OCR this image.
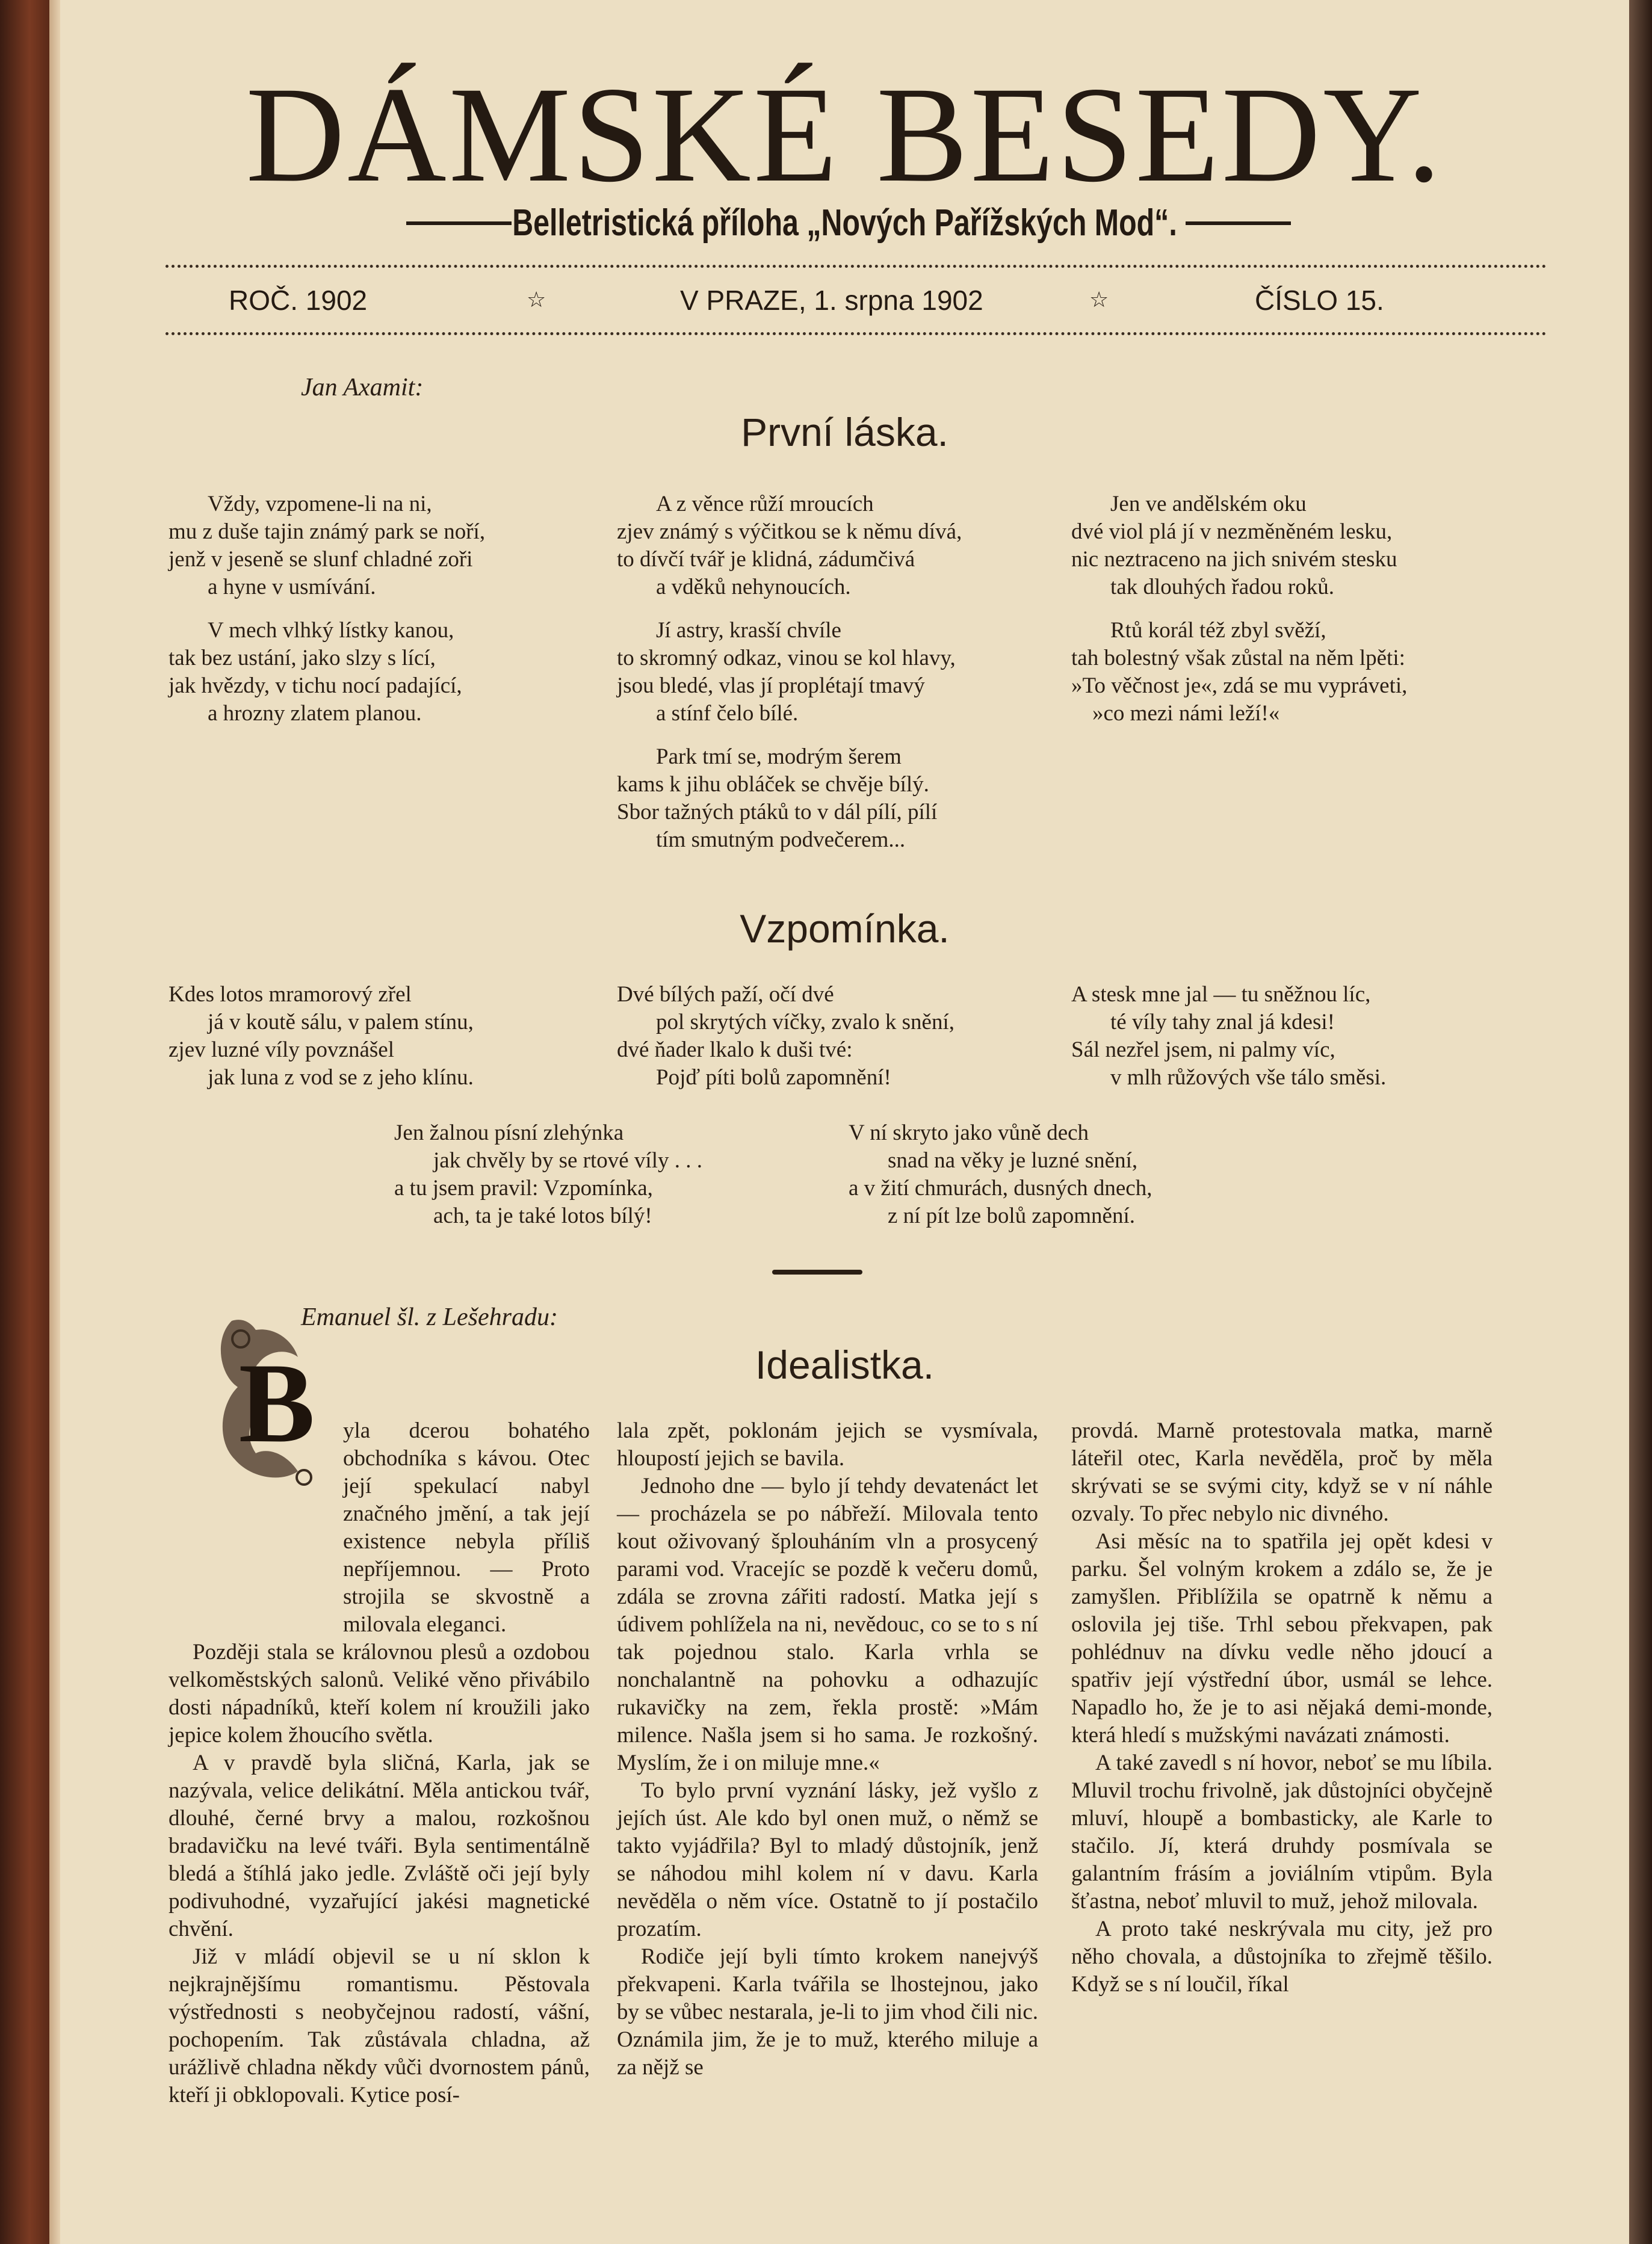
DÁMSKÉ BESEDY.
Belletristická příloha „Nových Pařížských Mod“.
ROČ. 1902	☆	V PRAZE, 1. srpna 1902	☆	ČÍSLO 15.
Jan Axamit:
První láska.
Vždy, vzpomene-li na ni,
mu z duše tajin známý park se noří,
jenž v jeseně se slunf chladné zoři
a hyne v usmívání.
V mech vlhký lístky kanou,
tak bez ustání, jako slzy s lící,
jak hvězdy, v tichu nocí padající,
a hrozny zlatem planou.
A z věnce růží mroucích
zjev známý s výčitkou se k němu dívá,
to dívčí tvář je klidná, zádumčivá
a vděků nehynoucích.
Jí astry, krasší chvíle
to skromný odkaz, vinou se kol hlavy,
jsou bledé, vlas jí proplétají tmavý
a stínf čelo bílé.
Park tmí se, modrým šerem
kams k jihu obláček se chvěje bílý.
Sbor tažných ptáků to v dál pílí, pílí
tím smutným podvečerem...
Jen ve andělském oku
dvé viol plá jí v nezměněném lesku,
nic neztraceno na jich snivém stesku
tak dlouhých řadou roků.
Rtů korál též zbyl svěží,
tah bolestný však zůstal na něm lpěti:
»To věčnost je«, zdá se mu vypráveti,
»co mezi námi leží!«
Vzpomínka.
Kdes lotos mramorový zřel
já v koutě sálu, v palem stínu,
zjev luzné víly povznášel
jak luna z vod se z jeho klínu.
Dvé bílých paží, očí dvé
pol skrytých víčky, zvalo k snění,
dvé ňader lkalo k duši tvé:
Pojď píti bolů zapomnění!
A stesk mne jal — tu sněžnou líc,
té víly tahy znal já kdesi!
Sál nezřel jsem, ni palmy víc,
v mlh růžových vše tálo směsi.
Jen žalnou písní zlehýnka
jak chvěly by se rtové víly . . .
a tu jsem pravil: Vzpomínka,
ach, ta je také lotos bílý!
V ní skryto jako vůně dech
snad na věky je luzné snění,
a v žití chmurách, dusných dnech,
z ní pít lze bolů zapomnění.
B
Emanuel šl. z Lešehradu:
Idealistka.

yla dcerou bohatého obchodníka s kávou. Otec její spekulací nabyl značného jmění, a tak její existence nebyla příliš nepříjemnou. — Proto strojila se skvostně a milovala eleganci.

Později stala se královnou plesů a ozdobou velkoměstských salonů. Veliké věno přivábilo dosti nápadníků, kteří kolem ní kroužili jako jepice kolem žhoucího světla.

A v pravdě byla sličná, Karla, jak se nazývala, velice delikátní. Měla antickou tvář, dlouhé, černé brvy a malou, rozkošnou bradavičku na levé tváři. Byla sentimentálně bledá a štíhlá jako jedle. Zvláště oči její byly podivuhodné, vyzařující jakési magnetické chvění.

Již v mládí objevil se u ní sklon k nejkrajnějšímu romantismu. Pěstovala výstřednosti s neobyčejnou radostí, vášní, pochopením. Tak zůstávala chladna, až urážlivě chladna někdy vůči dvornostem pánů, kteří ji obklopovali. Kytice posí-

lala zpět, poklonám jejich se vysmívala, hloupostí jejich se bavila.

Jednoho dne — bylo jí tehdy devatenáct let — procházela se po nábřeží. Milovala tento kout oživovaný šplouháním vln a prosycený parami vod. Vracejíc se pozdě k večeru domů, zdála se zrovna zářiti radostí. Matka její s údivem pohlížela na ni, nevědouc, co se to s ní tak pojednou stalo. Karla vrhla se nonchalantně na pohovku a odhazujíc rukavičky na zem, řekla prostě: »Mám milence. Našla jsem si ho sama. Je rozkošný. Myslím, že i on miluje mne.«

To bylo první vyznání lásky, jež vyšlo z jejích úst. Ale kdo byl onen muž, o němž se takto vyjádřila? Byl to mladý důstojník, jenž se náhodou mihl kolem ní v davu. Karla nevěděla o něm více. Ostatně to jí postačilo prozatím.

Rodiče její byli tímto krokem nanejvýš překvapeni. Karla tvářila se lhostejnou, jako by se vůbec nestarala, je-li to jim vhod čili nic. Oznámila jim, že je to muž, kterého miluje a za nějž se

provdá. Marně protestovala matka, marně láteřil otec, Karla nevěděla, proč by měla skrývati se se svými city, když se v ní náhle ozvaly. To přec nebylo nic divného.

Asi měsíc na to spatřila jej opět kdesi v parku. Šel volným krokem a zdálo se, že je zamyšlen. Přiblížila se opatrně k němu a oslovila jej tiše. Trhl sebou překvapen, pak pohlédnuv na dívku vedle něho jdoucí a spatřiv její výstřední úbor, usmál se lehce. Napadlo ho, že je to asi nějaká demi-monde, která hledí s mužskými navázati známosti.

A také zavedl s ní hovor, neboť se mu líbila. Mluvil trochu frivolně, jak důstojníci obyčejně mluví, hloupě a bombasticky, ale Karle to stačilo. Jí, která druhdy posmívala se galantním frásím a joviálním vtipům. Byla šťastna, neboť mluvil to muž, jehož milovala.

A proto také neskrývala mu city, jež pro něho chovala, a důstojníka to zřejmě těšilo. Když se s ní loučil, říkal
